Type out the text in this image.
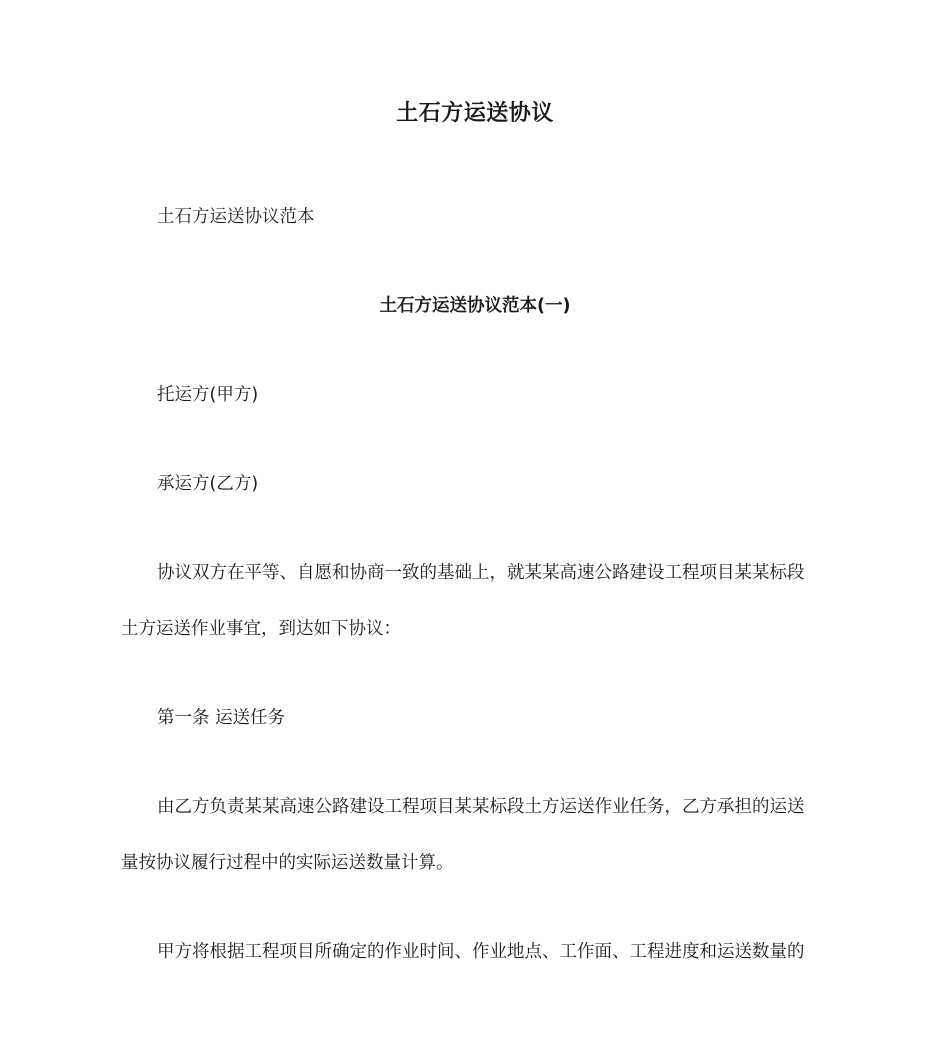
土石方运送协议
土石方运送协议范本
土石方运送协议范本(一)
托运方(甲方)
承运方(乙方)
协议双方在平等、自愿和协商一致的基础上，就某某高速公路建设工程项目某某标段
土方运送作业事宜，到达如下协议：
第一条 运送任务
由乙方负责某某高速公路建设工程项目某某标段土方运送作业任务，乙方承担的运送
量按协议履行过程中的实际运送数量计算。
甲方将根据工程项目所确定的作业时间、作业地点、工作面、工程进度和运送数量的
